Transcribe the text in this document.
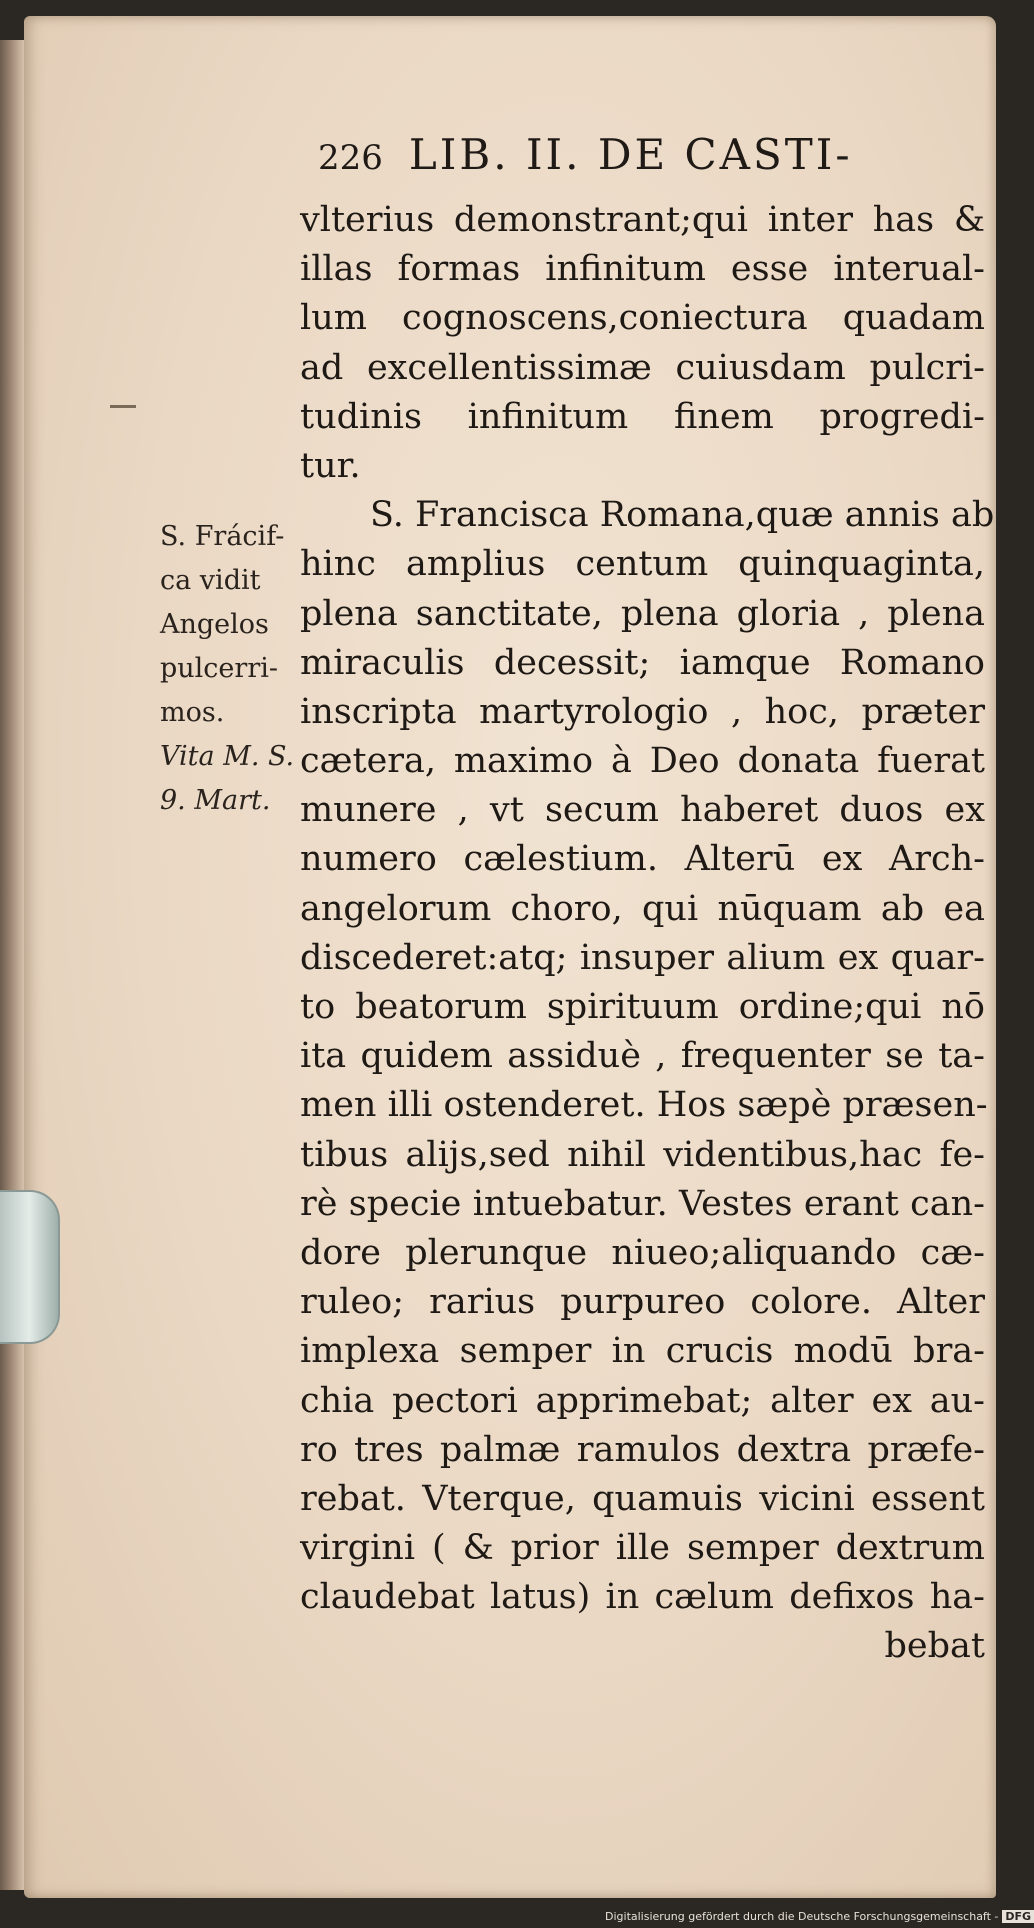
226 LIB. II. DE CASTI-
S. Frácif-
ca vidit
Angelos
pulcerri-
mos.
Vita M. S.
9. Mart.
vlterius demonstrant;qui inter has &
illas formas infinitum esse interual-
lum cognoscens,coniectura quadam
ad excellentissimæ cuiusdam pulcri-
tudinis infinitum finem progredi-
tur.
S. Francisca Romana,quæ annis ab
hinc amplius centum quinquaginta,
plena sanctitate, plena gloria , plena
miraculis decessit; iamque Romano
inscripta martyrologio , hoc, præter
cætera, maximo à Deo donata fuerat
munere , vt secum haberet duos ex
numero cælestium. Alterū ex Arch-
angelorum choro, qui nūquam ab ea
discederet:atq; insuper alium ex quar-
to beatorum spirituum ordine;qui nō
ita quidem assiduè , frequenter se ta-
men illi ostenderet. Hos sæpè præsen-
tibus alijs,sed nihil videntibus,hac fe-
rè specie intuebatur. Vestes erant can-
dore plerunque niueo;aliquando cæ-
ruleo; rarius purpureo colore. Alter
implexa semper in crucis modū bra-
chia pectori apprimebat; alter ex au-
ro tres palmæ ramulos dextra præfe-
rebat. Vterque, quamuis vicini essent
virgini ( & prior ille semper dextrum
claudebat latus) in cælum defixos ha-
bebat
Digitalisierung gefördert durch die Deutsche Forschungsgemeinschaft - DFG
